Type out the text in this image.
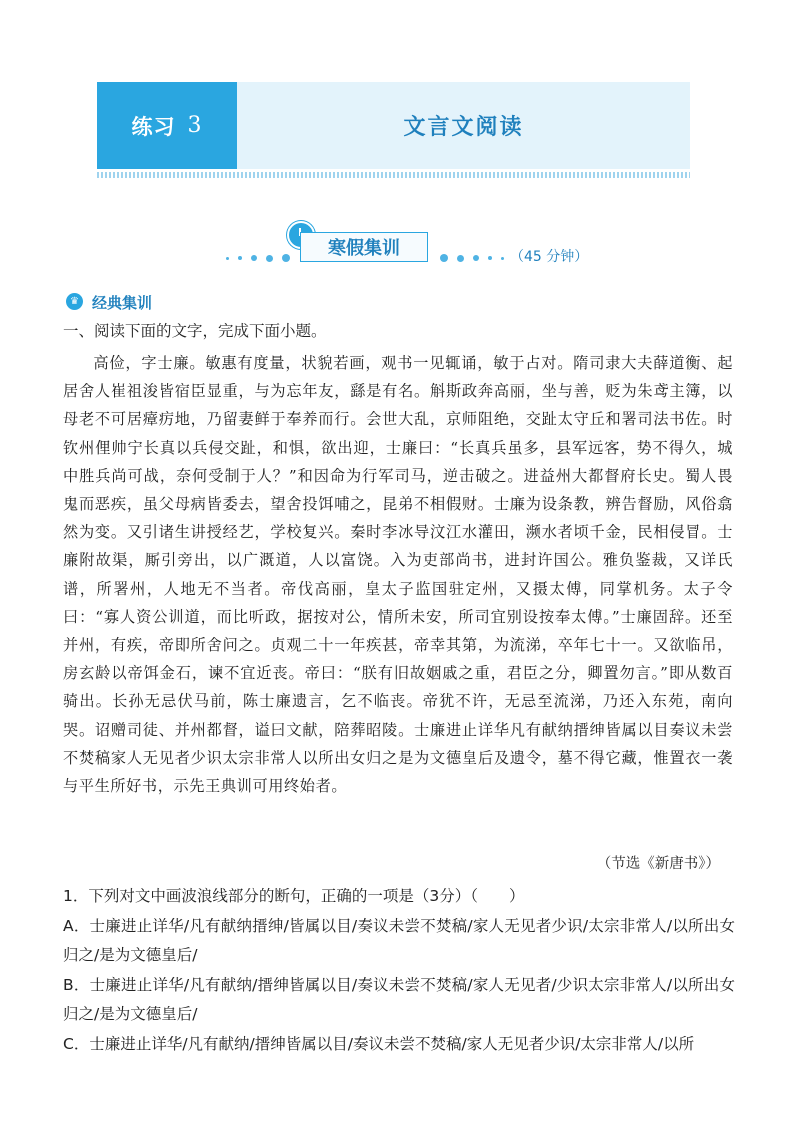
练习 3	文言文阅读
寒假集训	（45 分钟）
♛ 经典集训
一、阅读下面的文字，完成下面小题。
高俭，字士廉。敏惠有度量，状貌若画，观书一见辄诵，敏于占对。隋司隶大夫薛道衡、起居舍人崔祖浚皆宿臣显重，与为忘年友，繇是有名。斛斯政奔高丽，坐与善，贬为朱鸢主簿，以母老不可居瘴疠地，乃留妻鲜于奉养而行。会世大乱，京师阻绝，交趾太守丘和署司法书佐。时钦州俚帅宁长真以兵侵交趾，和惧，欲出迎，士廉曰：“长真兵虽多，县军远客，势不得久，城中胜兵尚可战，奈何受制于人？”和因命为行军司马，逆击破之。进益州大都督府长史。蜀人畏鬼而恶疾，虽父母病皆委去，望舍投饵哺之，昆弟不相假财。士廉为设条教，辨告督励，风俗翕然为变。又引诸生讲授经艺，学校复兴。秦时李冰导汶江水灌田，濒水者顷千金，民相侵冒。士廉附故渠，厮引旁出，以广溉道，人以富饶。入为吏部尚书，进封许国公。雅负鉴裁，又详氏谱，所署州，人地无不当者。帝伐高丽，皇太子监国驻定州，又摄太傅，同掌机务。太子令曰：“寡人资公训道，而比听政，据按对公，情所未安，所司宜别设按奉太傅。”士廉固辞。还至并州，有疾，帝即所舍问之。贞观二十一年疾甚，帝幸其第，为流涕，卒年七十一。又欲临吊，房玄龄以帝饵金石，谏不宜近丧。帝曰：“朕有旧故姻戚之重，君臣之分，卿置勿言。”即从数百骑出。长孙无忌伏马前，陈士廉遗言，乞不临丧。帝犹不许，无忌至流涕，乃还入东苑，南向哭。诏赠司徒、并州都督，谥曰文献，陪葬昭陵。士廉进止详华凡有献纳搢绅皆属以目奏议未尝不焚稿家人无见者少识太宗非常人以所出女归之是为文德皇后及遗令，墓不得它藏，惟置衣一袭与平生所好书，示先王典训可用终始者。
（节选《新唐书》）

1．下列对文中画波浪线部分的断句，正确的一项是（3分）（　　）

A．士廉进止详华/凡有献纳搢绅/皆属以目/奏议未尝不焚稿/家人无见者少识/太宗非常人/以所出女归之/是为文德皇后/

B．士廉进止详华/凡有献纳/搢绅皆属以目/奏议未尝不焚稿/家人无见者/少识太宗非常人/以所出女归之/是为文德皇后/

C．士廉进止详华/凡有献纳/搢绅皆属以目/奏议未尝不焚稿/家人无见者少识/太宗非常人/以所
